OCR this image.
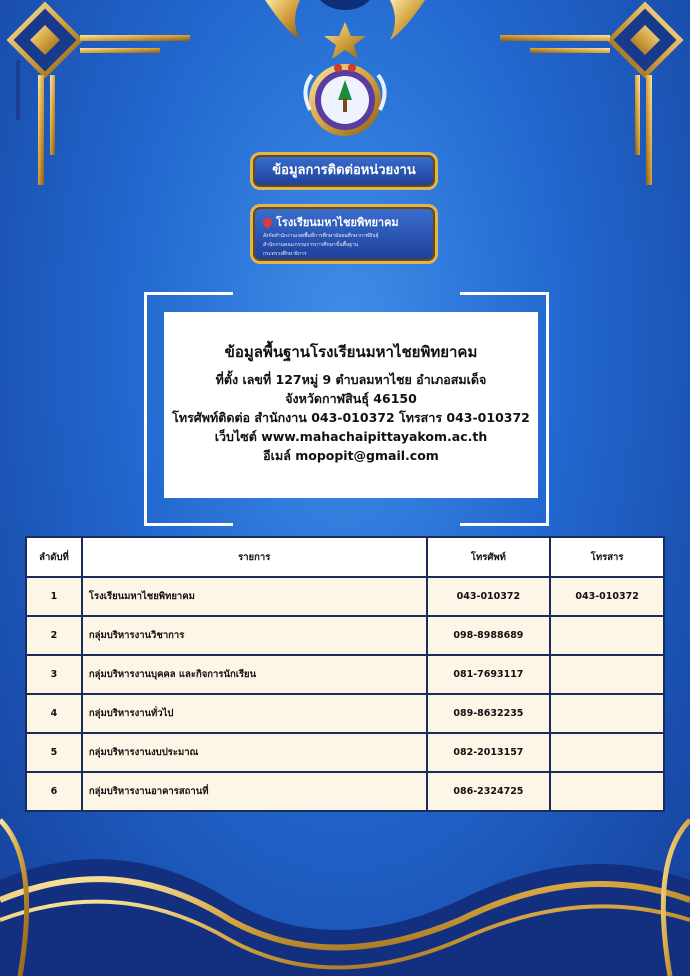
ข้อมูลการติดต่อหน่วยงาน
โรงเรียนมหาไชยพิทยาคม
สังกัดสำนักงานเขตพื้นที่การศึกษามัธยมศึกษากาฬสินธุ์
สำนักงานคณะกรรมการการศึกษาขั้นพื้นฐาน
กระทรวงศึกษาธิการ
ข้อมูลพื้นฐานโรงเรียนมหาไชยพิทยาคม
ที่ตั้ง เลขที่ 127หมู่ 9 ตำบลมหาไชย อำเภอสมเด็จ
จังหวัดกาฬสินธุ์ 46150
โทรศัพท์ติดต่อ สำนักงาน 043-010372 โทรสาร 043-010372
เว็บไซต์ www.mahachaipittayakom.ac.th
อีเมล์ mopopit@gmail.com
ลำดับที่	รายการ	โทรศัพท์	โทรสาร
1	โรงเรียนมหาไชยพิทยาคม	043-010372	043-010372
2	กลุ่มบริหารงานวิชาการ	098-8988689	
3	กลุ่มบริหารงานบุคคล และกิจการนักเรียน	081-7693117	
4	กลุ่มบริหารงานทั่วไป	089-8632235	
5	กลุ่มบริหารงานงบประมาณ	082-2013157	
6	กลุ่มบริหารงานอาคารสถานที่	086-2324725	
